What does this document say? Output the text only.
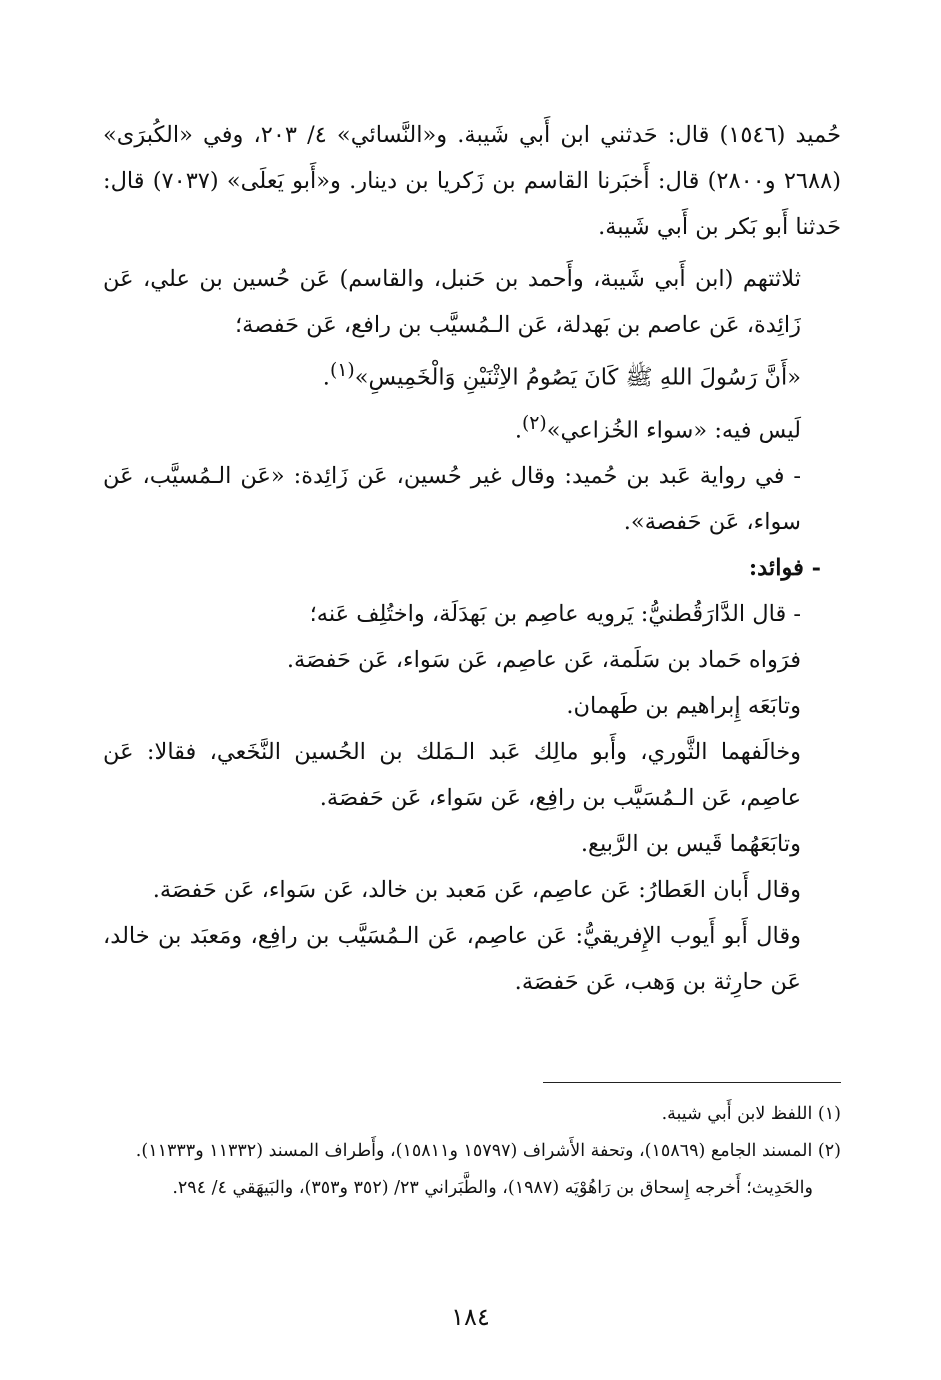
حُميد (١٥٤٦) قال: حَدثني ابن أَبي شَيبة. و«النَّسائي» ٤/ ٢٠٣، وفي «الكُبرَى» (٢٦٨٨ و٢٨٠٠) قال: أَخبَرنا القاسم بن زَكريا بن دينار. و«أَبو يَعلَى» (٧٠٣٧) قال: حَدثنا أَبو بَكر بن أَبي شَيبة.

ثلاثتهم (ابن أَبي شَيبة، وأَحمد بن حَنبل، والقاسم) عَن حُسين بن علي، عَن زَائِدة، عَن عاصم بن بَهدلة، عَن الـمُسيَّب بن رافع، عَن حَفصة؛

«أَنَّ رَسُولَ اللهِ ﷺ كَانَ يَصُومُ الاِثْنَيْنِ وَالْخَمِيسِ»$^{(١)}$.

لَيس فيه: «سواء الخُزاعي»$^{(٢)}$.

- في رواية عَبد بن حُميد: وقال غير حُسين، عَن زَائِدة: «عَن الـمُسيَّب، عَن سواء، عَن حَفصة».

- فوائد:

- قال الدَّارَقُطنيُّ: يَرويه عاصِم بن بَهدَلَة، واختُلِف عَنه؛

فرَواه حَماد بن سَلَمة، عَن عاصِم، عَن سَواء، عَن حَفصَة.

وتابَعَه إِبراهيم بن طَهمان.

وخالَفهما الثَّوري، وأَبو مالِك عَبد الـمَلك بن الحُسين النَّخَعي، فقالا: عَن عاصِم، عَن الـمُسَيَّب بن رافِع، عَن سَواء، عَن حَفصَة.

وتابَعَهُما قَيس بن الرَّبيع.

وقال أَبان العَطارُ: عَن عاصِم، عَن مَعبد بن خالد، عَن سَواء، عَن حَفصَة.

وقال أَبو أَيوب الإِفريقيُّ: عَن عاصِم، عَن الـمُسَيَّب بن رافِع، ومَعبَد بن خالد، عَن حارِثة بن وَهب، عَن حَفصَة.

(١) اللفظ لابن أَبي شيبة.

(٢) المسند الجامع (١٥٨٦٩)، وتحفة الأَشراف (١٥٧٩٧ و١٥٨١١)، وأَطراف المسند (١١٣٣٢ و١١٣٣٣).

والحَدِيث؛ أَخرجه إِسحاق بن رَاهُوْيَه (١٩٨٧)، والطَّبَراني ٢٣/ (٣٥٢ و٣٥٣)، والبَيهَقي ٤/ ٢٩٤.

١٨٤
